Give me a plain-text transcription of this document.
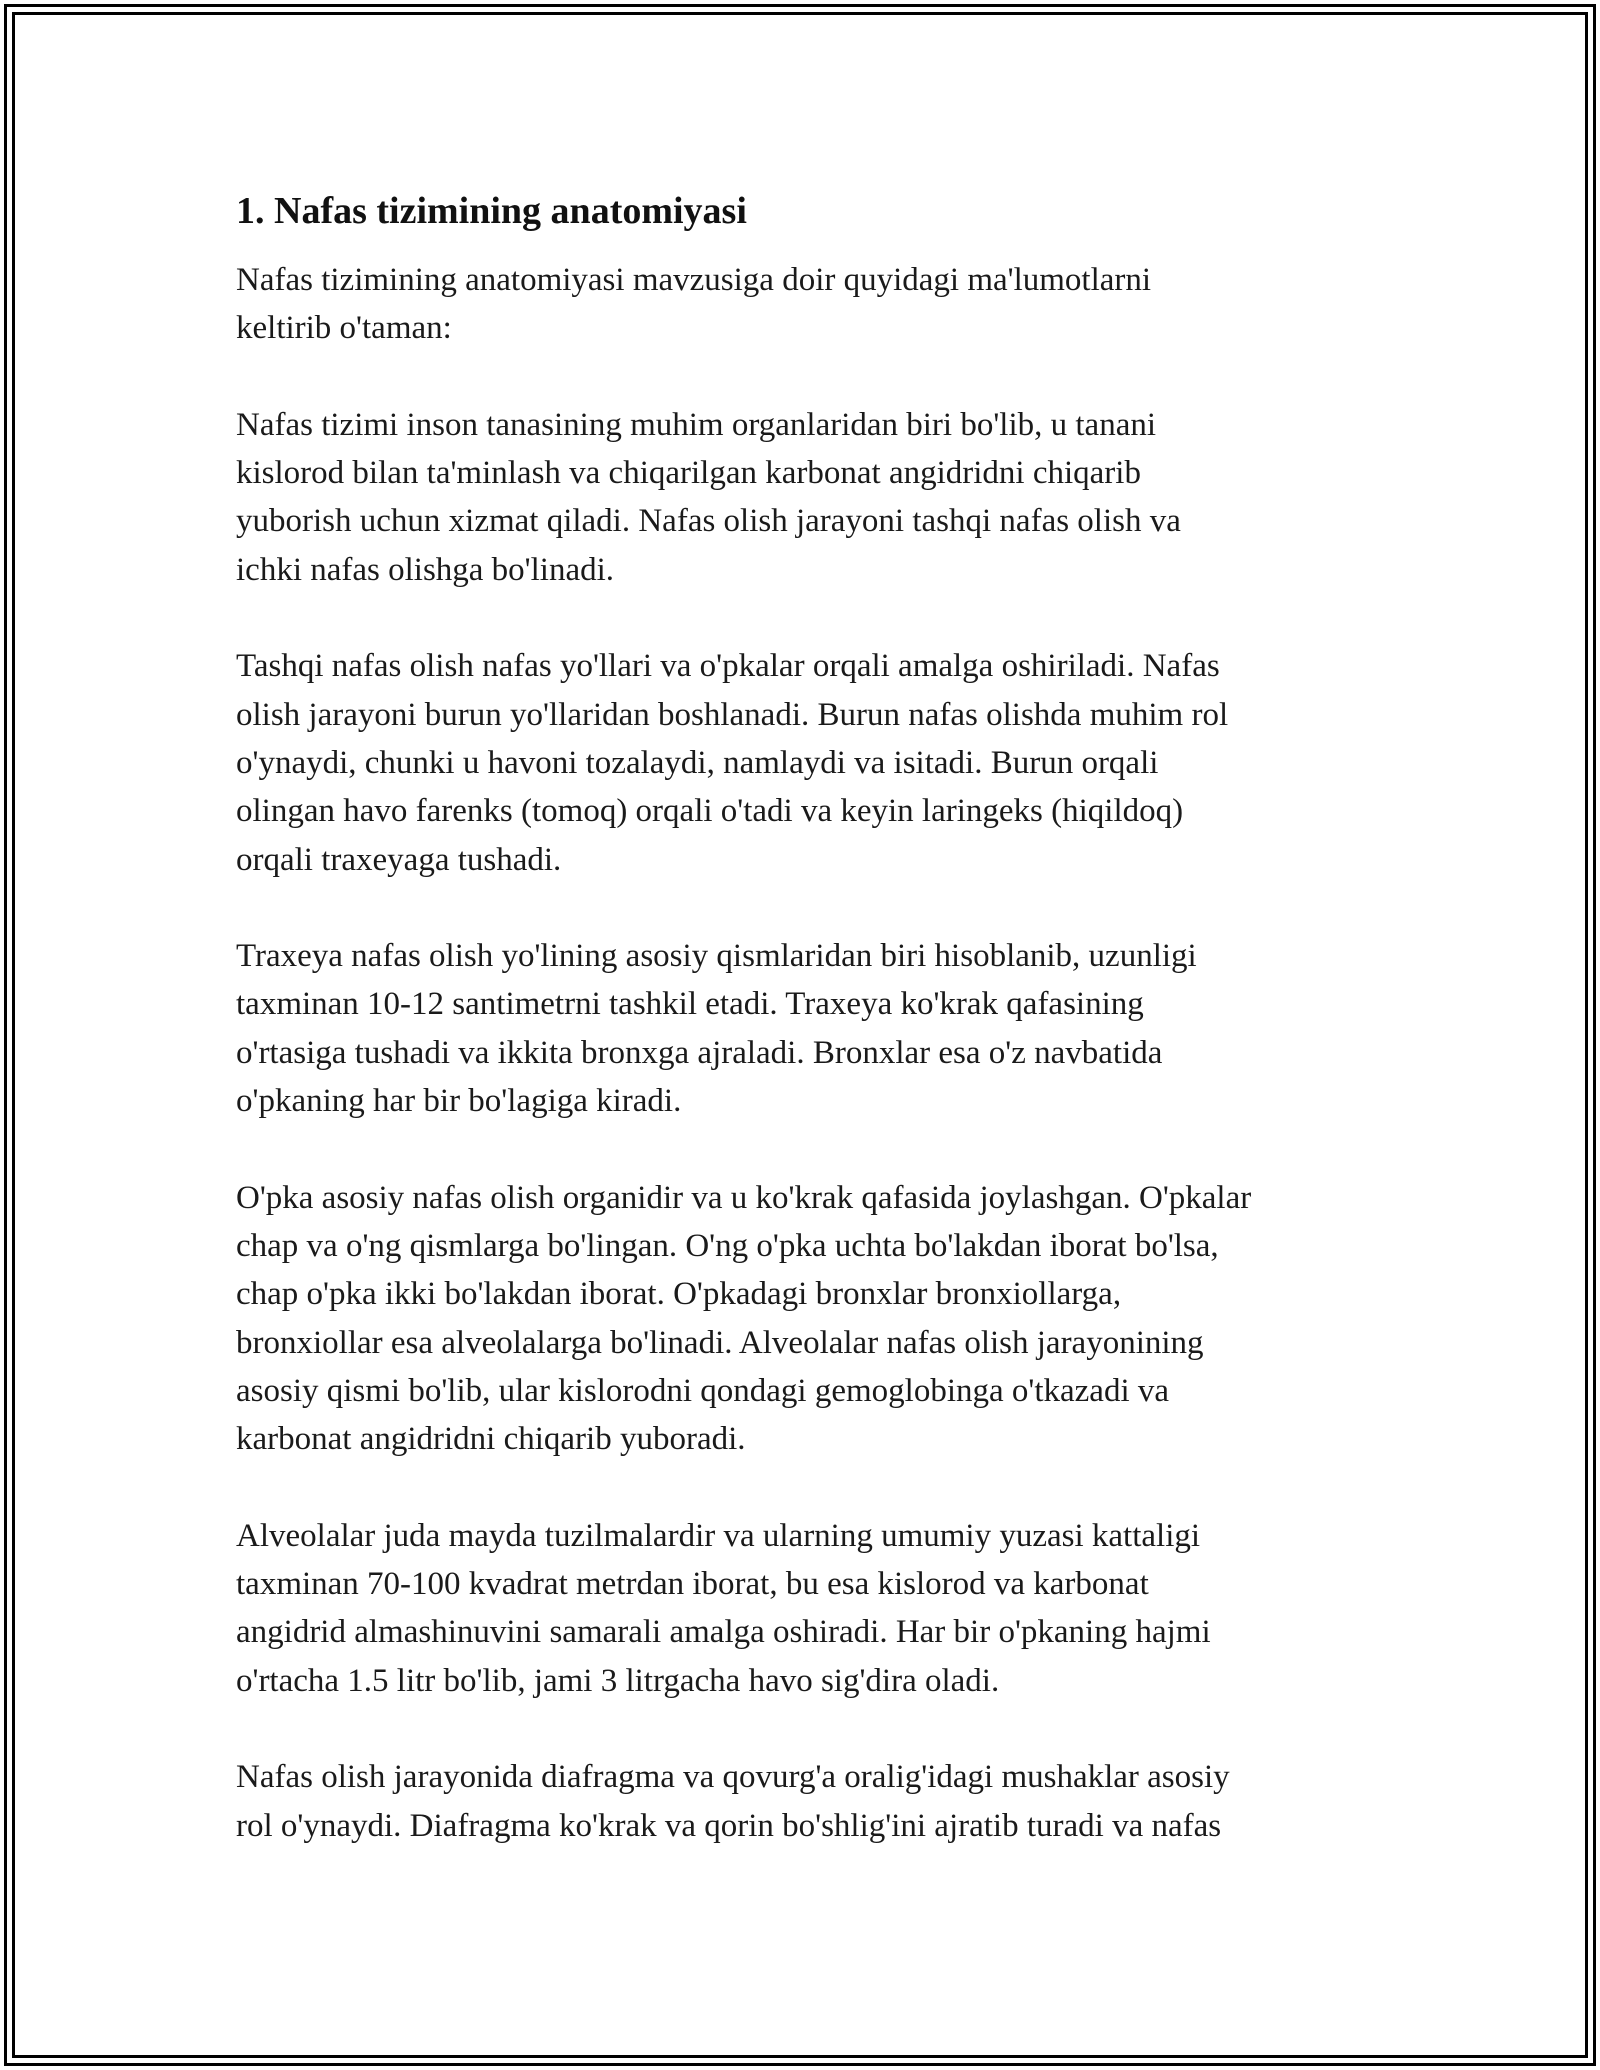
1. Nafas tizimining anatomiyasi

Nafas tizimining anatomiyasi mavzusiga doir quyidagi ma'lumotlarni
keltirib o'taman:

Nafas tizimi inson tanasining muhim organlaridan biri bo'lib, u tanani
kislorod bilan ta'minlash va chiqarilgan karbonat angidridni chiqarib
yuborish uchun xizmat qiladi. Nafas olish jarayoni tashqi nafas olish va
ichki nafas olishga bo'linadi.

Tashqi nafas olish nafas yo'llari va o'pkalar orqali amalga oshiriladi. Nafas
olish jarayoni burun yo'llaridan boshlanadi. Burun nafas olishda muhim rol
o'ynaydi, chunki u havoni tozalaydi, namlaydi va isitadi. Burun orqali
olingan havo farenks (tomoq) orqali o'tadi va keyin laringeks (hiqildoq)
orqali traxeyaga tushadi.

Traxeya nafas olish yo'lining asosiy qismlaridan biri hisoblanib, uzunligi
taxminan 10-12 santimetrni tashkil etadi. Traxeya ko'krak qafasining
o'rtasiga tushadi va ikkita bronxga ajraladi. Bronxlar esa o'z navbatida
o'pkaning har bir bo'lagiga kiradi.

O'pka asosiy nafas olish organidir va u ko'krak qafasida joylashgan. O'pkalar
chap va o'ng qismlarga bo'lingan. O'ng o'pka uchta bo'lakdan iborat bo'lsa,
chap o'pka ikki bo'lakdan iborat. O'pkadagi bronxlar bronxiollarga,
bronxiollar esa alveolalarga bo'linadi. Alveolalar nafas olish jarayonining
asosiy qismi bo'lib, ular kislorodni qondagi gemoglobinga o'tkazadi va
karbonat angidridni chiqarib yuboradi.

Alveolalar juda mayda tuzilmalardir va ularning umumiy yuzasi kattaligi
taxminan 70-100 kvadrat metrdan iborat, bu esa kislorod va karbonat
angidrid almashinuvini samarali amalga oshiradi. Har bir o'pkaning hajmi
o'rtacha 1.5 litr bo'lib, jami 3 litrgacha havo sig'dira oladi.

Nafas olish jarayonida diafragma va qovurg'a oralig'idagi mushaklar asosiy
rol o'ynaydi. Diafragma ko'krak va qorin bo'shlig'ini ajratib turadi va nafas
